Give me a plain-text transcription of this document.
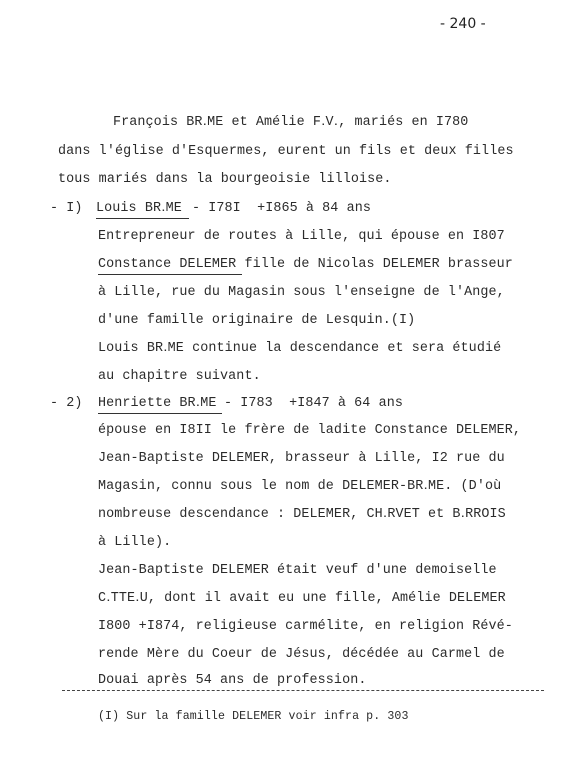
- 240 -
François BR․ME et Amélie F․V․, mariés en I780
dans l'église d'Esquermes, eurent un fils et deux filles
tous mariés dans la bourgeoisie lilloise.
- I) Louis BR․ME - I78I  +I865 à 84 ans
Entrepreneur de routes à Lille, qui épouse en I807
Constance DELEMER fille de Nicolas DELEMER brasseur
à Lille, rue du Magasin sous l'enseigne de l'Ange,
d'une famille originaire de Lesquin.(I)
Louis BR․ME continue la descendance et sera étudié
au chapitre suivant.
- 2) Henriette BR․ME - I783  +I847 à 64 ans
épouse en I8II le frère de ladite Constance DELEMER,
Jean-Baptiste DELEMER, brasseur à Lille, I2 rue du
Magasin, connu sous le nom de DELEMER-BR․ME. (D'où
nombreuse descendance : DELEMER, CH․RVET et B․RROIS
à Lille).
Jean-Baptiste DELEMER était veuf d'une demoiselle
C․TTE․U, dont il avait eu une fille, Amélie DELEMER
I800 +I874, religieuse carmélite, en religion Révé-
rende Mère du Coeur de Jésus, décédée au Carmel de
Douai après 54 ans de profession.
(I) Sur la famille DELEMER voir infra p. 303
